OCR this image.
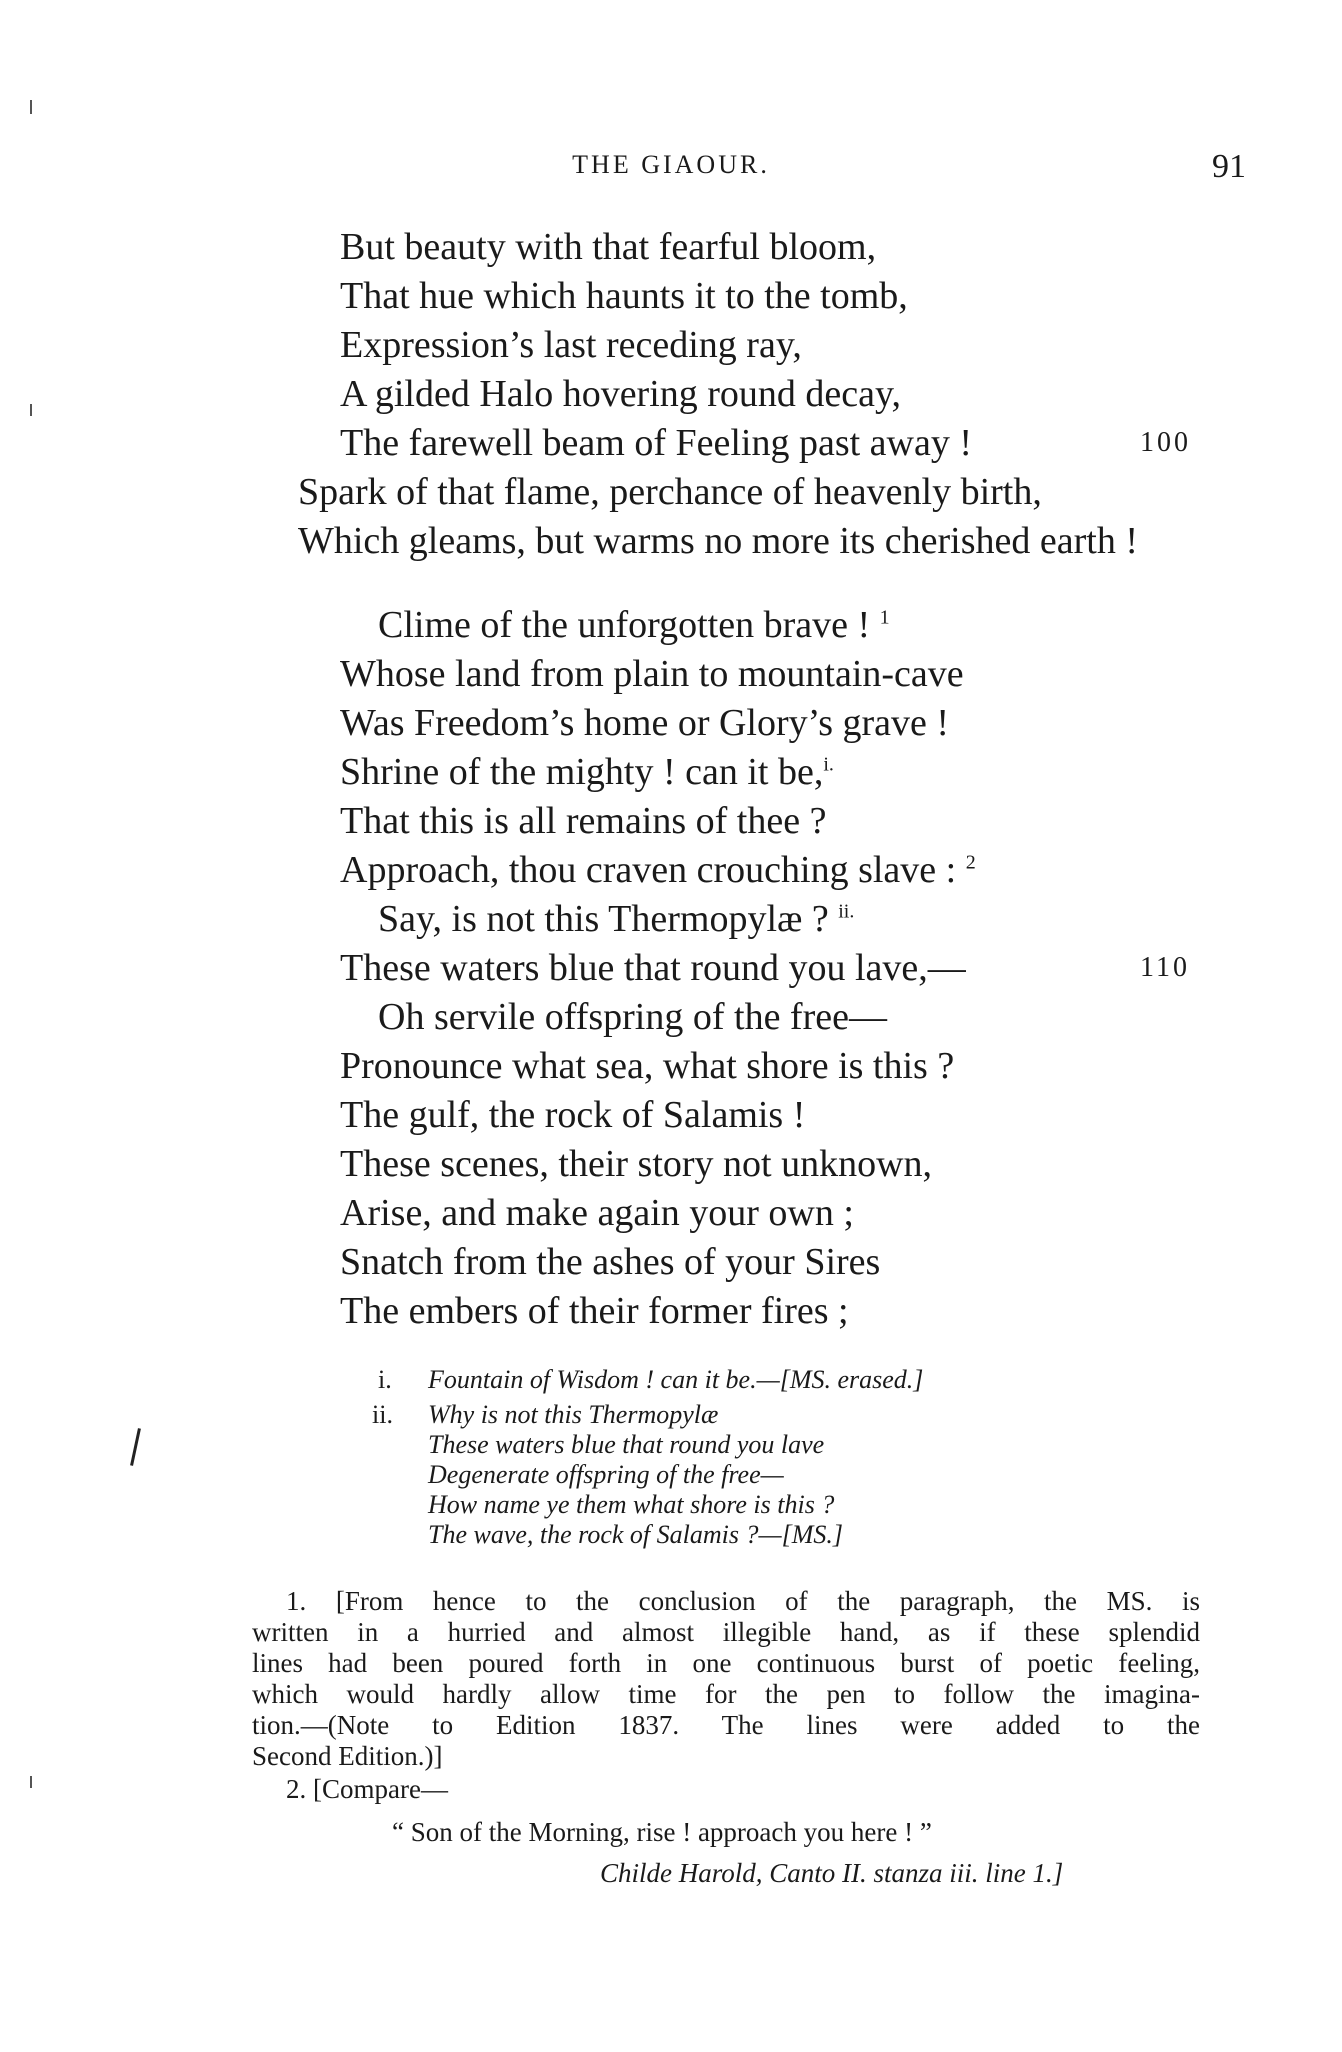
THE GIAOUR.	91
But beauty with that fearful bloom,
That hue which haunts it to the tomb,
Expression’s last receding ray,
A gilded Halo hovering round decay,
The farewell beam of Feeling past away !	100
Spark of that flame, perchance of heavenly birth,
Which gleams, but warms no more its cherished earth !
Clime of the unforgotten brave ! $^1$
Whose land from plain to mountain-cave
Was Freedom’s home or Glory’s grave !
Shrine of the mighty ! can it be,$^{i.}$
That this is all remains of thee ?
Approach, thou craven crouching slave : $^2$
Say, is not this Thermopylæ ? $^{ii.}$
These waters blue that round you lave,—	110
Oh servile offspring of the free—
Pronounce what sea, what shore is this ?
The gulf, the rock of Salamis !
These scenes, their story not unknown,
Arise, and make again your own ;
Snatch from the ashes of your Sires
The embers of their former fires ;
i. Fountain of Wisdom ! can it be.—[MS. erased.]
ii. Why is not this Thermopylæ
These waters blue that round you lave
Degenerate offspring of the free—
How name ye them what shore is this ?
The wave, the rock of Salamis ?—[MS.]
1. [From hence to the conclusion of the paragraph, the MS. is
written in a hurried and almost illegible hand, as if these splendid
lines had been poured forth in one continuous burst of poetic feeling,
which would hardly allow time for the pen to follow the imagina-
tion.—(Note to Edition 1837. The lines were added to the
Second Edition.)]
2. [Compare—
“ Son of the Morning, rise ! approach you here ! ”
Childe Harold, Canto II. stanza iii. line 1.]
